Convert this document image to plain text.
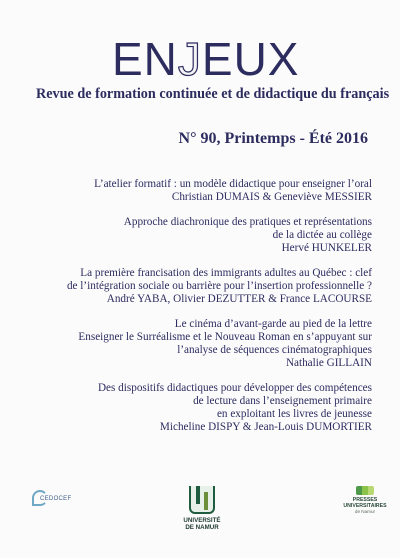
ENJEUX
Revue de formation continuée et de didactique du français
N° 90, Printemps - Été 2016
L’atelier formatif : un modèle didactique pour enseigner l’oral
Christian DUMAIS & Geneviève MESSIER
Approche diachronique des pratiques et représentations
de la dictée au collège
Hervé HUNKELER
La première francisation des immigrants adultes au Québec : clef
de l’intégration sociale ou barrière pour l’insertion professionnelle ?
André YABA, Olivier DEZUTTER & France LACOURSE
Le cinéma d’avant-garde au pied de la lettre
Enseigner le Surréalisme et le Nouveau Roman en s’appuyant sur
l’analyse de séquences cinématographiques
Nathalie GILLAIN
Des dispositifs didactiques pour développer des compétences
de lecture dans l’enseignement primaire
en exploitant les livres de jeunesse
Micheline DISPY & Jean-Louis DUMORTIER
CEDOCEF
UNIVERSITÉ
DE NAMUR
PRESSES
UNIVERSITAIRES
de Namur
